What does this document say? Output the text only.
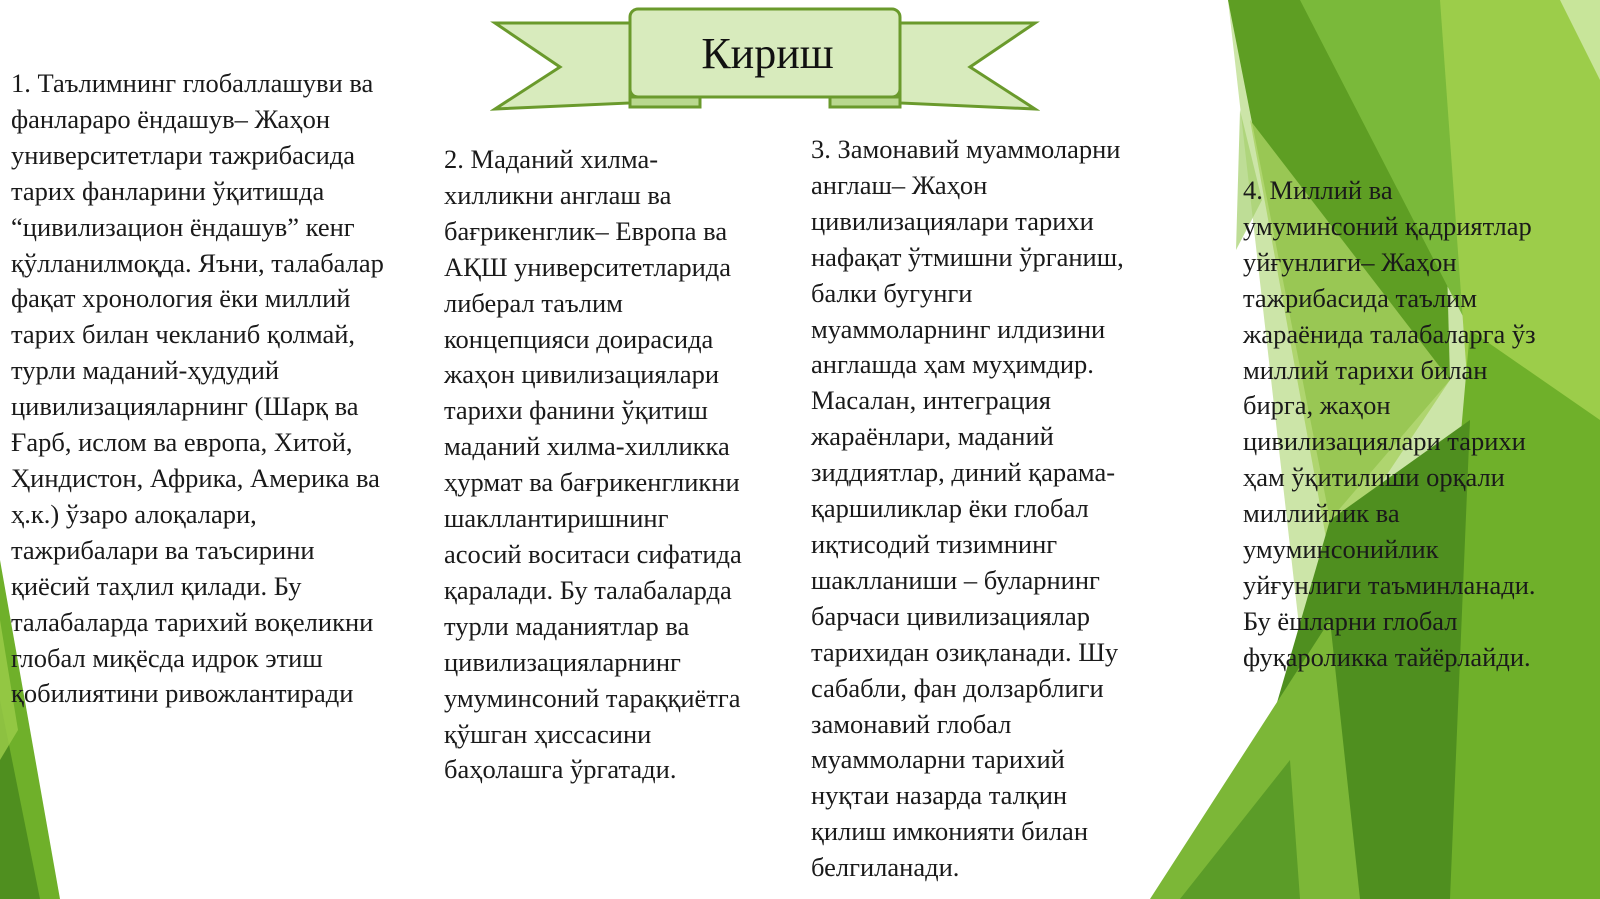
Кириш

1. Таълимнинг глобаллашуви ва
фанлараро ёндашув– Жаҳон
университетлари тажрибасида
тарих фанларини ўқитишда
“цивилизацион ёндашув” кенг
қўлланилмоқда. Яъни, талабалар
фақат хронология ёки миллий
тарих билан чекланиб қолмай,
турли маданий-ҳудудий
цивилизацияларнинг (Шарқ ва
Ғарб, ислом ва европа, Хитой,
Ҳиндистон, Африка, Америка ва
ҳ.к.) ўзаро алоқалари,
тажрибалари ва таъсирини
қиёсий таҳлил қилади. Бу
талабаларда тарихий воқеликни
глобал миқёсда идрок этиш
қобилиятини ривожлантиради

2. Маданий хилма-
хилликни англаш ва
бағрикенглик– Европа ва
АҚШ университетларида
либерал таълим
концепцияси доирасида
жаҳон цивилизациялари
тарихи фанини ўқитиш
маданий хилма-хилликка
ҳурмат ва бағрикенгликни
шакллантиришнинг
асосий воситаси сифатида
қаралади. Бу талабаларда
турли маданиятлар ва
цивилизацияларнинг
умуминсоний тараққиётга
қўшган ҳиссасини
баҳолашга ўргатади.

3. Замонавий муаммоларни
англаш– Жаҳон
цивилизациялари тарихи
нафақат ўтмишни ўрганиш,
балки бугунги
муаммоларнинг илдизини
англашда ҳам муҳимдир.
Масалан, интеграция
жараёнлари, маданий
зиддиятлар, диний қарама-
қаршиликлар ёки глобал
иқтисодий тизимнинг
шаклланиши – буларнинг
барчаси цивилизациялар
тарихидан озиқланади. Шу
сабабли, фан долзарблиги
замонавий глобал
муаммоларни тарихий
нуқтаи назарда талқин
қилиш имконияти билан
белгиланади.

4. Миллий ва
умуминсоний қадриятлар
уйғунлиги– Жаҳон
тажрибасида таълим
жараёнида талабаларга ўз
миллий тарихи билан
бирга, жаҳон
цивилизациялари тарихи
ҳам ўқитилиши орқали
миллийлик ва
умуминсонийлик
уйғунлиги таъминланади.
Бу ёшларни глобал
фуқароликка тайёрлайди.
